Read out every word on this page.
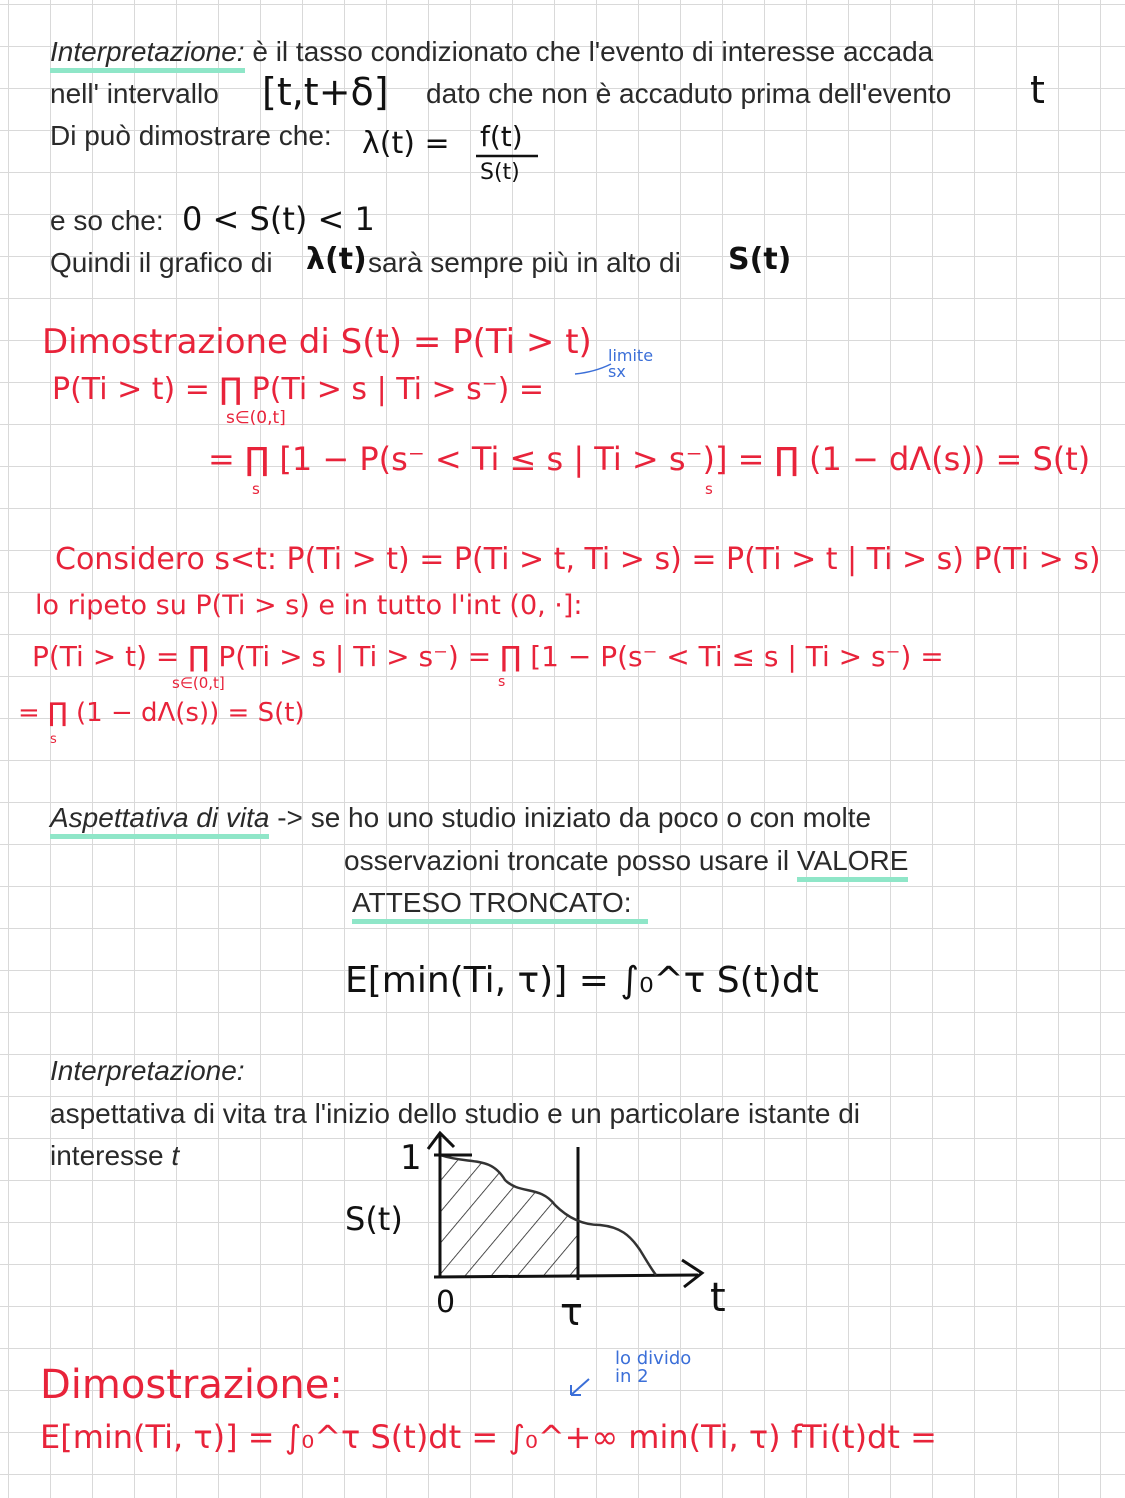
Interpretazione: è il tasso condizionato che l'evento di interesse accada
nell' intervallo [t,t+δ] dato che non è accaduto prima dell'evento t
Di può dimostrare che: λ(t) = f(t)
S(t)
e so che: 0 < S(t) < 1
Quindi il grafico di λ(t) sarà sempre più in alto di S(t)
Dimostrazione di S(t) = P(Ti > t) limite sx
P(Ti > t) = ∏ P(Ti > s | Ti > s⁻) =
s∈(0,t]
= ∏ [1 − P(s⁻ < Ti ≤ s | Ti > s⁻)] = ∏ (1 − dΛ(s)) = S(t)
s	s
Considero s<t: P(Ti > t) = P(Ti > t, Ti > s) = P(Ti > t | Ti > s) P(Ti > s)
lo ripeto su P(Ti > s) e in tutto l'int (0, ·]:
P(Ti > t) = ∏ P(Ti > s | Ti > s⁻) = ∏ [1 − P(s⁻ < Ti ≤ s | Ti > s⁻) =
s∈(0,t]	s
= ∏ (1 − dΛ(s)) = S(t)
s
Aspettativa di vita -> se ho uno studio iniziato da poco o con molte
osservazioni troncate posso usare il VALORE
ATTESO TRONCATO:
E[min(Ti, τ)] = ∫₀^τ S(t)dt
Interpretazione:
aspettativa di vita tra l'inizio dello studio e un particolare istante di
interesse t	1
S(t)
0	τ	t
Dimostrazione:
lo divido in 2
E[min(Ti, τ)] = ∫₀^τ S(t)dt = ∫₀^+∞ min(Ti, τ) fTi(t)dt =
